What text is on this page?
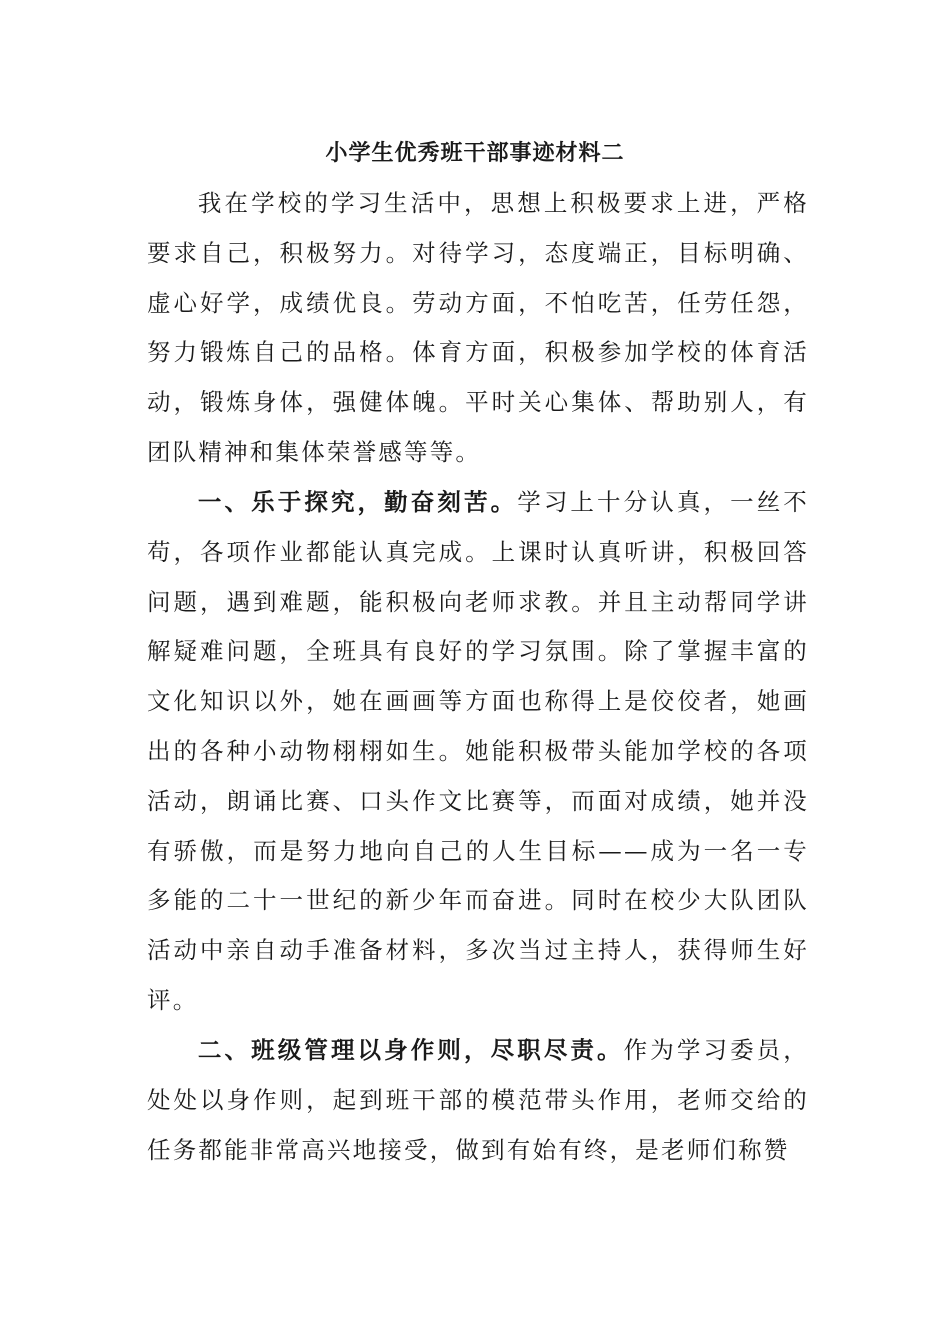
小学生优秀班干部事迹材料二

我在学校的学习生活中，思想上积极要求上进，严格要求自己，积极努力。对待学习，态度端正，目标明确、虚心好学，成绩优良。劳动方面，不怕吃苦，任劳任怨，努力锻炼自己的品格。体育方面，积极参加学校的体育活动，锻炼身体，强健体魄。平时关心集体、帮助别人，有团队精神和集体荣誉感等等。

一、乐于探究，勤奋刻苦。学习上十分认真，一丝不苟，各项作业都能认真完成。上课时认真听讲，积极回答问题，遇到难题，能积极向老师求教。并且主动帮同学讲解疑难问题，全班具有良好的学习氛围。除了掌握丰富的文化知识以外，她在画画等方面也称得上是佼佼者，她画出的各种小动物栩栩如生。她能积极带头能加学校的各项活动，朗诵比赛、口头作文比赛等，而面对成绩，她并没有骄傲，而是努力地向自己的人生目标——成为一名一专多能的二十一世纪的新少年而奋进。同时在校少大队团队活动中亲自动手准备材料，多次当过主持人，获得师生好评。

二、班级管理以身作则，尽职尽责。作为学习委员，处处以身作则，起到班干部的模范带头作用，老师交给的任务都能非常高兴地接受，做到有始有终，是老师们称赞
